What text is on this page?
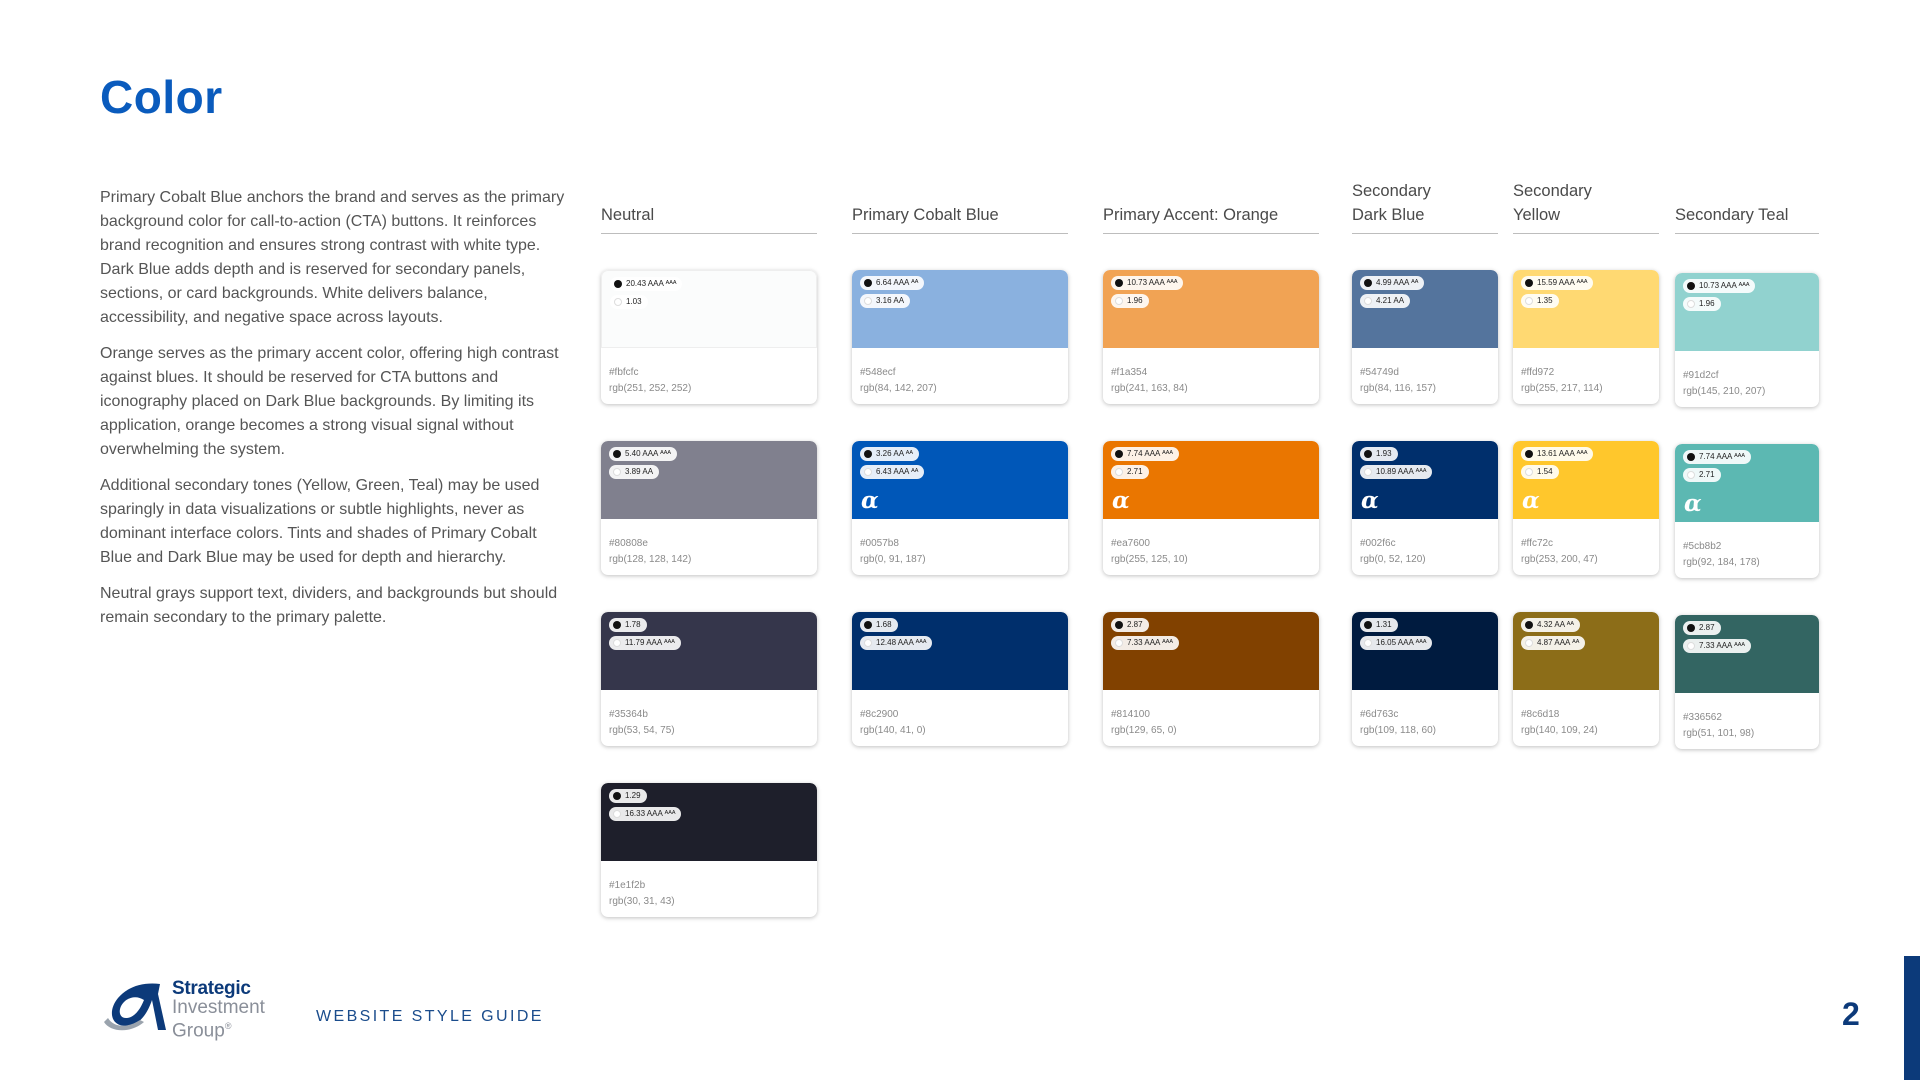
Color

Primary Cobalt Blue anchors the brand and serves as the primary background color for call-to-action (CTA) buttons. It reinforces brand recognition and ensures strong contrast with white type. Dark Blue adds depth and is reserved for secondary panels, sections, or card backgrounds. White delivers balance, accessibility, and negative space across layouts.

Orange serves as the primary accent color, offering high contrast against blues. It should be reserved for CTA buttons and iconography placed on Dark Blue backgrounds. By limiting its application, orange becomes a strong visual signal without overwhelming the system.

Additional secondary tones (Yellow, Green, Teal) may be used sparingly in data visualizations or subtle highlights, never as dominant interface colors. Tints and shades of Primary Cobalt Blue and Dark Blue may be used for depth and hierarchy.

Neutral grays support text, dividers, and backgrounds but should remain secondary to the primary palette.

Neutral
20.43 AAA ᴬᴬᴬ
1.03
#fbfcfc
rgb(251, 252, 252)
5.40 AAA ᴬᴬᴬ
3.89 AA
#80808e
rgb(128, 128, 142)
1.78
11.79 AAA ᴬᴬᴬ
#35364b
rgb(53, 54, 75)
1.29
16.33 AAA ᴬᴬᴬ
#1e1f2b
rgb(30, 31, 43)
Primary Cobalt Blue
6.64 AAA ᴬᴬ
3.16 AA
#548ecf
rgb(84, 142, 207)
3.26 AA ᴬᴬ
6.43 AAA ᴬᴬ
α
#0057b8
rgb(0, 91, 187)
1.68
12.48 AAA ᴬᴬᴬ
#8c2900
rgb(140, 41, 0)
Primary Accent: Orange
10.73 AAA ᴬᴬᴬ
1.96
#f1a354
rgb(241, 163, 84)
7.74 AAA ᴬᴬᴬ
2.71
α
#ea7600
rgb(255, 125, 10)
2.87
7.33 AAA ᴬᴬᴬ
#814100
rgb(129, 65, 0)
Secondary Dark Blue
4.99 AAA ᴬᴬ
4.21 AA
#54749d
rgb(84, 116, 157)
1.93
10.89 AAA ᴬᴬᴬ
α
#002f6c
rgb(0, 52, 120)
1.31
16.05 AAA ᴬᴬᴬ
#6d763c
rgb(109, 118, 60)
Secondary Yellow
15.59 AAA ᴬᴬᴬ
1.35
#ffd972
rgb(255, 217, 114)
13.61 AAA ᴬᴬᴬ
1.54
α
#ffc72c
rgb(253, 200, 47)
4.32 AA ᴬᴬ
4.87 AAA ᴬᴬ
#8c6d18
rgb(140, 109, 24)
Secondary Teal
10.73 AAA ᴬᴬᴬ
1.96
#91d2cf
rgb(145, 210, 207)
7.74 AAA ᴬᴬᴬ
2.71
α
#5cb8b2
rgb(92, 184, 178)
2.87
7.33 AAA ᴬᴬᴬ
#336562
rgb(51, 101, 98)
Strategic
Investment
Group®
WEBSITE STYLE GUIDE	2
